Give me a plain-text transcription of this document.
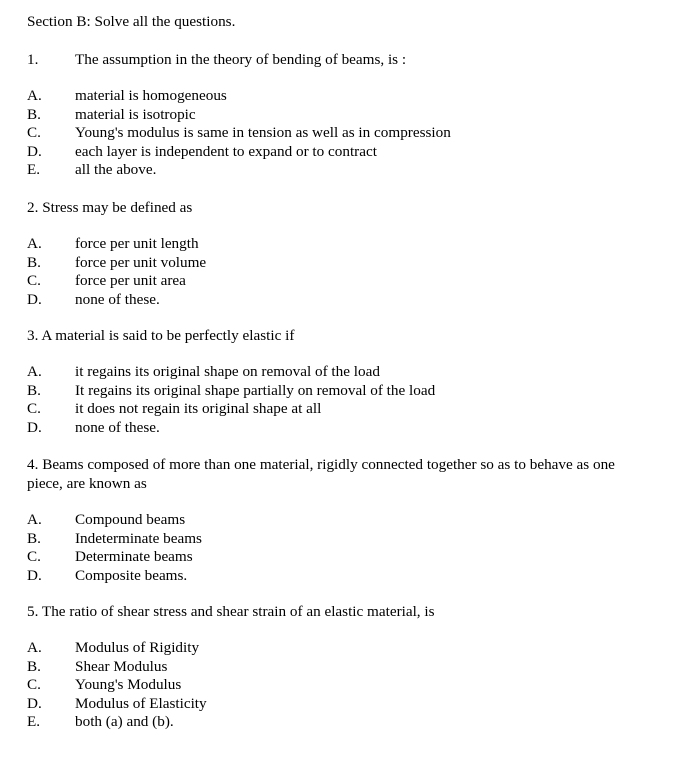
Section B: Solve all the questions.
1. The assumption in the theory of bending of beams, is :
A. material is homogeneous
B. material is isotropic
C. Young's modulus is same in tension as well as in compression
D. each layer is independent to expand or to contract
E. all the above.
2. Stress may be defined as
A. force per unit length
B. force per unit volume
C. force per unit area
D. none of these.
3. A material is said to be perfectly elastic if
A. it regains its original shape on removal of the load
B. It regains its original shape partially on removal of the load
C. it does not regain its original shape at all
D. none of these.
4. Beams composed of more than one material, rigidly connected together so as to behave as one
piece, are known as
A. Compound beams
B. Indeterminate beams
C. Determinate beams
D. Composite beams.
5. The ratio of shear stress and shear strain of an elastic material, is
A. Modulus of Rigidity
B. Shear Modulus
C. Young's Modulus
D. Modulus of Elasticity
E. both (a) and (b).
